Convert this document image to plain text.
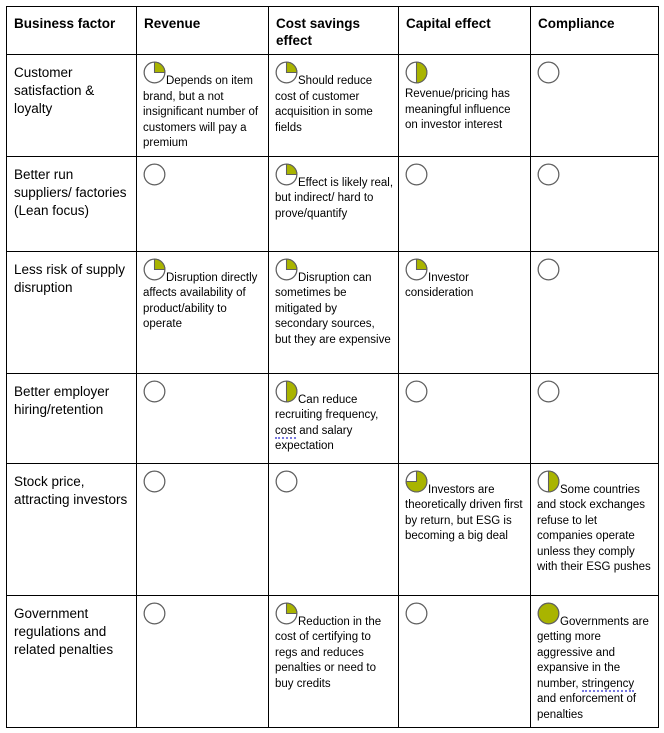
Business factor	Revenue	Cost savings effect	Capital effect	Compliance
Customer satisfaction & loyalty	Depends on item brand, but a not insignificant number of customers will pay a premium	Should reduce cost of customer acquisition in some fields	Revenue/pricing has meaningful influence on investor interest	
Better run suppliers/ factories (Lean focus)		Effect is likely real, but indirect/ hard to prove/quantify		
Less risk of supply disruption	Disruption directly affects availability of product/ability to operate	Disruption can sometimes be mitigated by secondary sources, but they are expensive	Investor consideration	
Better employer hiring/retention		Can reduce recruiting frequency, cost and salary expectation		
Stock price, attracting investors			Investors are theoretically driven first by return, but ESG is becoming a big deal	Some countries and stock exchanges refuse to let companies operate unless they comply with their ESG pushes
Government regulations and related penalties		Reduction in the cost of certifying to regs and reduces penalties or need to buy credits		Governments are getting more aggressive and expansive in the number, stringency and enforcement of penalties
